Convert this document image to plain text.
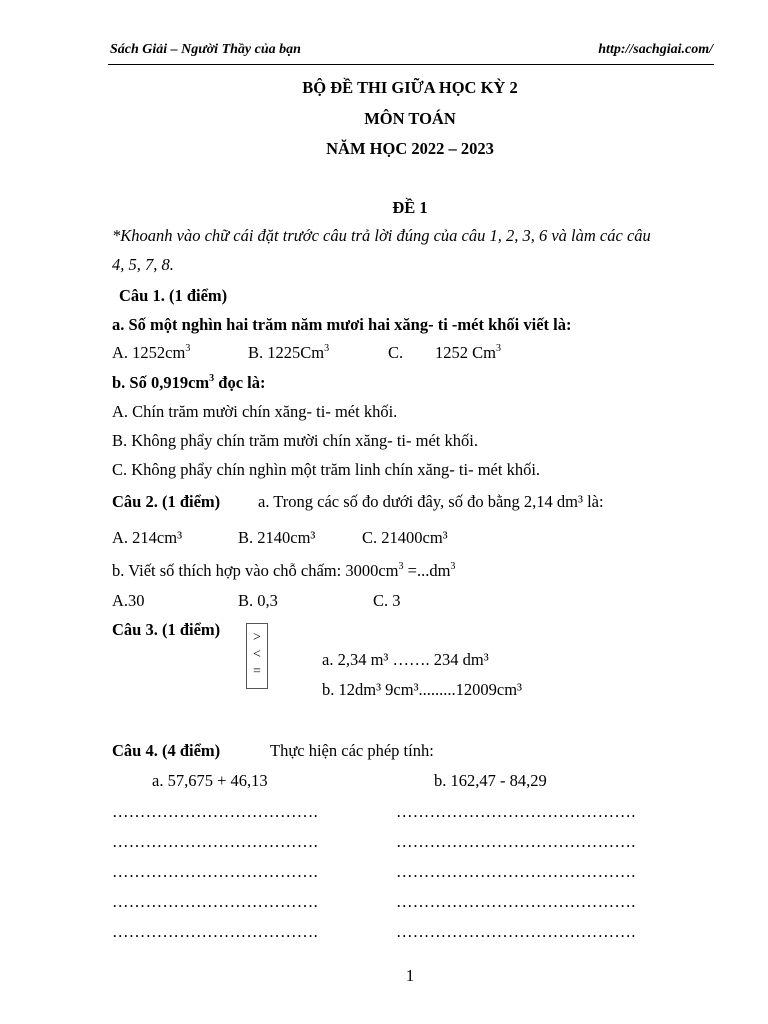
Sách Giải – Người Thầy của bạn	http://sachgiai.com/
BỘ ĐỀ THI GIỮA HỌC KỲ 2
MÔN TOÁN
NĂM HỌC 2022 – 2023
ĐỀ 1
*Khoanh vào chữ cái đặt trước câu trả lời đúng của câu 1, 2, 3, 6 và làm các câu
4, 5, 7, 8.
Câu 1. (1 điểm)
a. Số một nghìn hai trăm năm mươi hai xăng- ti -mét khối viết là:
A. $1252cm^3$	B. 1225Cm$^3$	C. 1252 Cm$^3$
b. Số $0,919cm^3$ đọc là:
A. Chín trăm mười chín xăng- ti- mét khối.
B. Không phẩy chín trăm mười chín xăng- ti- mét khối.
C. Không phẩy chín nghìn một trăm linh chín xăng- ti- mét khối.
Câu 2. (1 điểm) a. Trong các số đo dưới đây, số đo bằng 2,14 dm³ là:
A. 214cm³	B. 2140cm³	C. 21400cm³
b. Viết số thích hợp vào chỗ chấm: $3000cm^3 =...dm^3$
A.30	B. 0,3	C. 3
Câu 3. (1 điểm)	>
<
=
a. 2,34 m³ ……. 234 dm³
b. 12dm³ 9cm³.........12009cm³
Câu 4. (4 điểm)	Thực hiện các phép tính:
a. 57,675 + 46,13	b. 162,47 - 84,29
……………………………….	…………………………………….
……………………………….	…………………………………….
……………………………….	…………………………………….
……………………………….	…………………………………….
……………………………….	…………………………………….
1
